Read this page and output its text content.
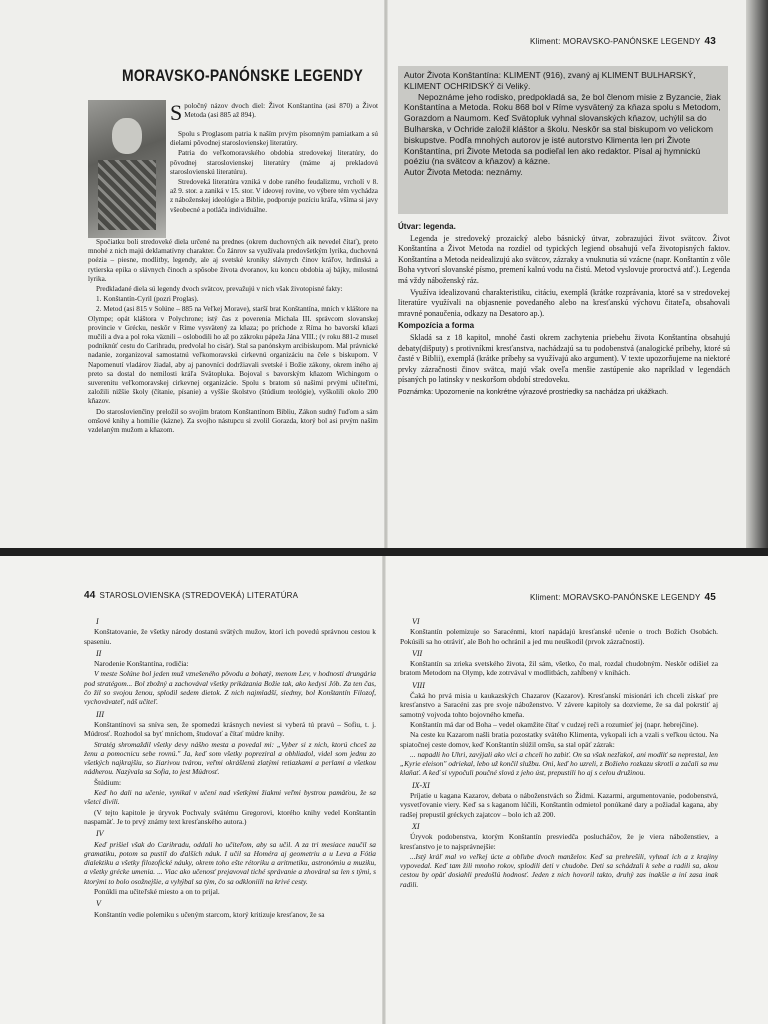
Kliment: MORAVSKO-PANÓNSKE LEGENDY 43
MORAVSKO-PANÓNSKE LEGENDY
Spoločný názov dvoch diel: Život Konštantína (asi 870) a Život Metoda (asi 885 až 894).

Spolu s Proglasom patria k naším prvým písomným pamiatkam a sú dielami pôvodnej staroslovienskej literatúry.

Patria do veľkomoravského obdobia stredovekej literatúry, do pôvodnej staroslovienskej literatúry (máme aj prekladovú staroslovienskú literatúru).

Stredoveká literatúra vzniká v dobe raného feudalizmu, vrcholí v 8. až 9. stor. a zaniká v 15. stor. V ideovej rovine, vo výbere tém vychádza z náboženskej ideológie a Biblie, podporuje pozíciu kráľa, všíma si javy všeobecné a potláča individuálne.

Spočiatku boli stredoveké diela určené na prednes (okrem duchovných aik nevedel čítať), preto mnohé z nich majú deklamatívny charakter. Čo žánrov sa využívala predovšetkým lyrika, duchovná poézia – piesne, modlitby, legendy, ale aj svetské kroniky slávnych činov kráľov, hrdinská a rytierska epika o slávnych činoch a spôsobe života dvoranov, ku koncu obdobia aj bájky, milostná lyrika.

Predkladané diela sú legendy dvoch svätcov, prevažujú v nich však životopisné fakty:

1. Konštantín-Cyril (pozri Proglas).

2. Metod (asi 815 v Solúne – 885 na Veľkej Morave), starší brat Konštantína, mních v kláštore na Olympe; opát kláštora v Polychrone; istý čas z poverenia Michala III. správcom slovanskej provincie v Grécku, neskôr v Ríme vysvätený za kňaza; po príchode z Ríma ho bavorskí kňazi mučili a dva a pol roka väznili – oslobodili ho až po zákroku pápeža Jána VIII.; (v roku 881-2 musel podniknúť cestu do Carihradu, predvolal ho cisár). Stal sa panónskym arcibiskupom. Mal právnické nadanie, zorganizoval samostatnú veľkomoravskú cirkevnú organizáciu na čele s biskupom. V Napomenutí vladárov žiadal, aby aj panovníci dodržiavali svetské i Božie zákony, okrem iného aj preto sa dostal do nemilosti kráľa Svätopluka. Bojoval s bavorským kňazom Wichingom o suverenitu veľkomoravskej cirkevnej organizácie. Spolu s bratom sú našimi prvými učiteľmi, založili nižšie školy (čítanie, písanie) a vyššie školstvo (štúdium teológie), vyškolili okolo 200 kňazov.

Do staroslovienčiny preložil so svojím bratom Konštantínom Bibliu, Zákon sudný ľuďom a sám omšové knihy a homílie (kázne). Za svojho nástupcu si zvolil Gorazda, ktorý bol asi prvým naším vzdelaným mužom a kňazom.

Autor Života Konštantína: KLIMENT (916), zvaný aj KLIMENT BULHARSKÝ, KLIMENT OCHRIDSKÝ či Veliký.

Nepoznáme jeho rodisko, predpokladá sa, že bol členom misie z Byzancie, žiak Konštantína a Metoda. Roku 868 bol v Ríme vysvätený za kňaza spolu s Metodom, Gorazdom a Naumom. Keď Svätopluk vyhnal slovanských kňazov, uchýlil sa do Bulharska, v Ochride založil kláštor a školu. Neskôr sa stal biskupom vo velickom biskupstve. Podľa mnohých autorov je isté autorstvo Klimenta len pri Živote Konštantína, pri Živote Metoda sa podieľal len ako redaktor. Písal aj hymnickú poéziu (na svätcov a kňazov) a kázne.

Autor Života Metoda: neznámy.

Útvar: legenda.

Legenda je stredoveký prozaický alebo básnický útvar, zobrazujúci život svätcov. Život Konštantína a Život Metoda na rozdiel od typických legiend obsahujú veľa životopisných faktov. Konštantína a Metoda neidealizujú ako svätcov, zázraky a vnuknutia sú vzácne (napr. Konštantín z vôle Boha vytvorí slovanské písmo, premení kalnú vodu na čistú. Metod vyslovuje proroctvá atď.). Legenda má vždy náboženský ráz.

Využíva idealizovanú charakteristiku, citáciu, exemplá (krátke rozprávania, ktoré sa v stredovekej literatúre využívali na objasnenie povedaného alebo na kresťanskú výchovu čitateľa, obsahovali mravné ponaučenia, odkazy na Desatoro ap.).

Kompozícia a forma

Skladá sa z 18 kapitol, mnohé časti okrem zachytenia priebehu života Konštantína obsahujú debaty(dišputy) s protivníkmi kresťanstva, nachádzajú sa tu podobenstvá (analogické príbehy, ktoré sú časté v Biblii), exemplá (krátke príbehy sa využívajú ako argument). V texte upozorňujeme na niektoré prvky zázračnosti činov svätca, majú však oveľa menšie zastúpenie ako napríklad v legendách písaných po latinsky v neskoršom období stredoveku.

Poznámka: Upozornenie na konkrétne výrazové prostriedky sa nachádza pri ukážkach.
44 STAROSLOVIENSKA (STREDOVEKÁ) LITERATÚRA	Kliment: MORAVSKO-PANÓNSKE LEGENDY 45
I

Konštatovanie, že všetky národy dostanú svätých mužov, ktorí ich povedú správnou cestou k spaseniu.

II

Narodenie Konštantína, rodičia:

V meste Solúne bol jeden muž vznešeného pôvodu a bohatý, menom Lev, v hodnosti drungária pod stratégom... Bol zbožný a zachovával všetky prikázania Božie tak, ako kedysi Jób. Za ten čas, čo žil so svojou ženou, splodil sedem dietok. Z nich najmladší, siedmy, bol Konštantín Filozof, vychovávateľ, náš učiteľ.

III

Konštantínovi sa sníva sen, že spomedzi krásnych neviest si vyberá tú pravú – Sofiu, t. j. Múdrosť. Rozhodol sa byť mníchom, študovať a čítať múdre knihy.

Stratég shromaždil všetky devy nášho mesta a povedal mi: „Vyber si z nich, ktorú chceš za ženu a pomocnicu sebe rovnú." Ja, keď som všetky popreziral a obhliadol, videl som jednu zo všetkých najkrajšiu, so žiarivou tvárou, veľmi okrášlenú zlatými retiazkami a perlami a všetkou nádherou. Nazývala sa Sofia, to jest Múdrosť.

Štúdium:

Keď ho dali na učenie, vynikal v učení nad všetkými žiakmi veľmi bystrou pamäťou, že sa všetci divili.

(V tejto kapitole je úryvok Pochvaly svätému Gregorovi, ktorého knihy vedel Konštantín naspamäť. Je to prvý známy text kresťanského autora.)

IV

Keď prišiel však do Carihradu, oddali ho učiteľom, aby sa učil. A za tri mesiace naučil sa gramatiku, potom sa pustil do ďalších náuk. I učil sa Homéra aj geometriu a u Leva a Fótia dialektiku a všetky filozofické náuky, okrem toho ešte rétoriku a aritmetiku, astronómiu a muziku, a všetky grécke umenia. ... Viac ako učenosť prejavoval tiché správanie a zhováral sa len s tými, s ktorými to bolo osožnejšie, a vyhýbal sa tým, čo sa odkloniili na krivé cesty.

Ponúkli ma učiteľské miesto a on to prijal.

V

Konštantín vedie polemiku s učeným starcom, ktorý kritizuje kresťanov, že sa

VI

Konštantín polemizuje so Saracénmi, ktorí napádajú kresťanské učenie o troch Božích Osobách. Pokúsili sa ho otráviť, ale Boh ho ochránil a jed mu neuškodil (prvok zázračnosti).

VII

Konštantín sa zrieka svetského života, žil sám, všetko, čo mal, rozdal chudobným. Neskôr odišiel za bratom Metodom na Olymp, kde zotrvával v modlitbách, zahĺbený v knihách.

VIII

Čaká ho prvá misia u kaukazských Chazarov (Kazarov). Kresťanskí misionári ich chceli získať pre kresťanstvo a Saracéni zas pre svoje náboženstvo. V závere kapitoly sa dozvieme, že sa dal pokrstiť aj samotný vojvoda tohto bojovného kmeňa.

Konštantín má dar od Boha – vedel okamžite čítať v cudzej reči a rozumieť jej (napr. hebrejčine).

Na ceste ku Kazarom našli bratia pozostatky svätého Klimenta, vykopali ich a vzali s veľkou úctou. Na spiatočnej ceste domov, keď Konštantín slúžil omšu, sa stal opäť zázrak:

... napadli ho Uhri, zavýjali ako vlci a chceli ho zabiť. On sa však nezľakol, ani modliť sa neprestal, len „Kyrie eleison" odriekal, lebo už končil službu. Oni, keď ho uzreli, z Božieho rozkazu skrotli a začali sa mu klaňať. A keď si vypočuli poučné slová z jeho úst, prepustili ho aj s celou družinou.

IX-XI

Príjatie u kagana Kazarov, debata o náboženstvách so Židmi. Kazarmi, argumentovanie, podobenstvá, vysvetľovanie viery. Keď sa s kaganom lúčili, Konštantín odmietol ponúkané dary a požiadal kagana, aby radšej prepustil gréckych zajatcov – bolo ich až 200.

XI

Úryvok podobenstva, ktorým Konštantín presviedča poslucháčov, že je viera náboženstiev, a kresťanstvo je to najsprávnejšie:

...Istý kráľ mal vo veľkej úcte a obľube dvoch manželov. Keď sa prehrešili, vyhnal ich a z krajiny vypovedal. Keď tam žili mnoho rokov, splodili deti v chudobe. Deti sa schádzali k sebe a radili sa, akou cestou by opäť dosiahli predošlú hodnosť. Jeden z nich hovoril takto, druhý zas inakšie a iní zasa inak radili.
